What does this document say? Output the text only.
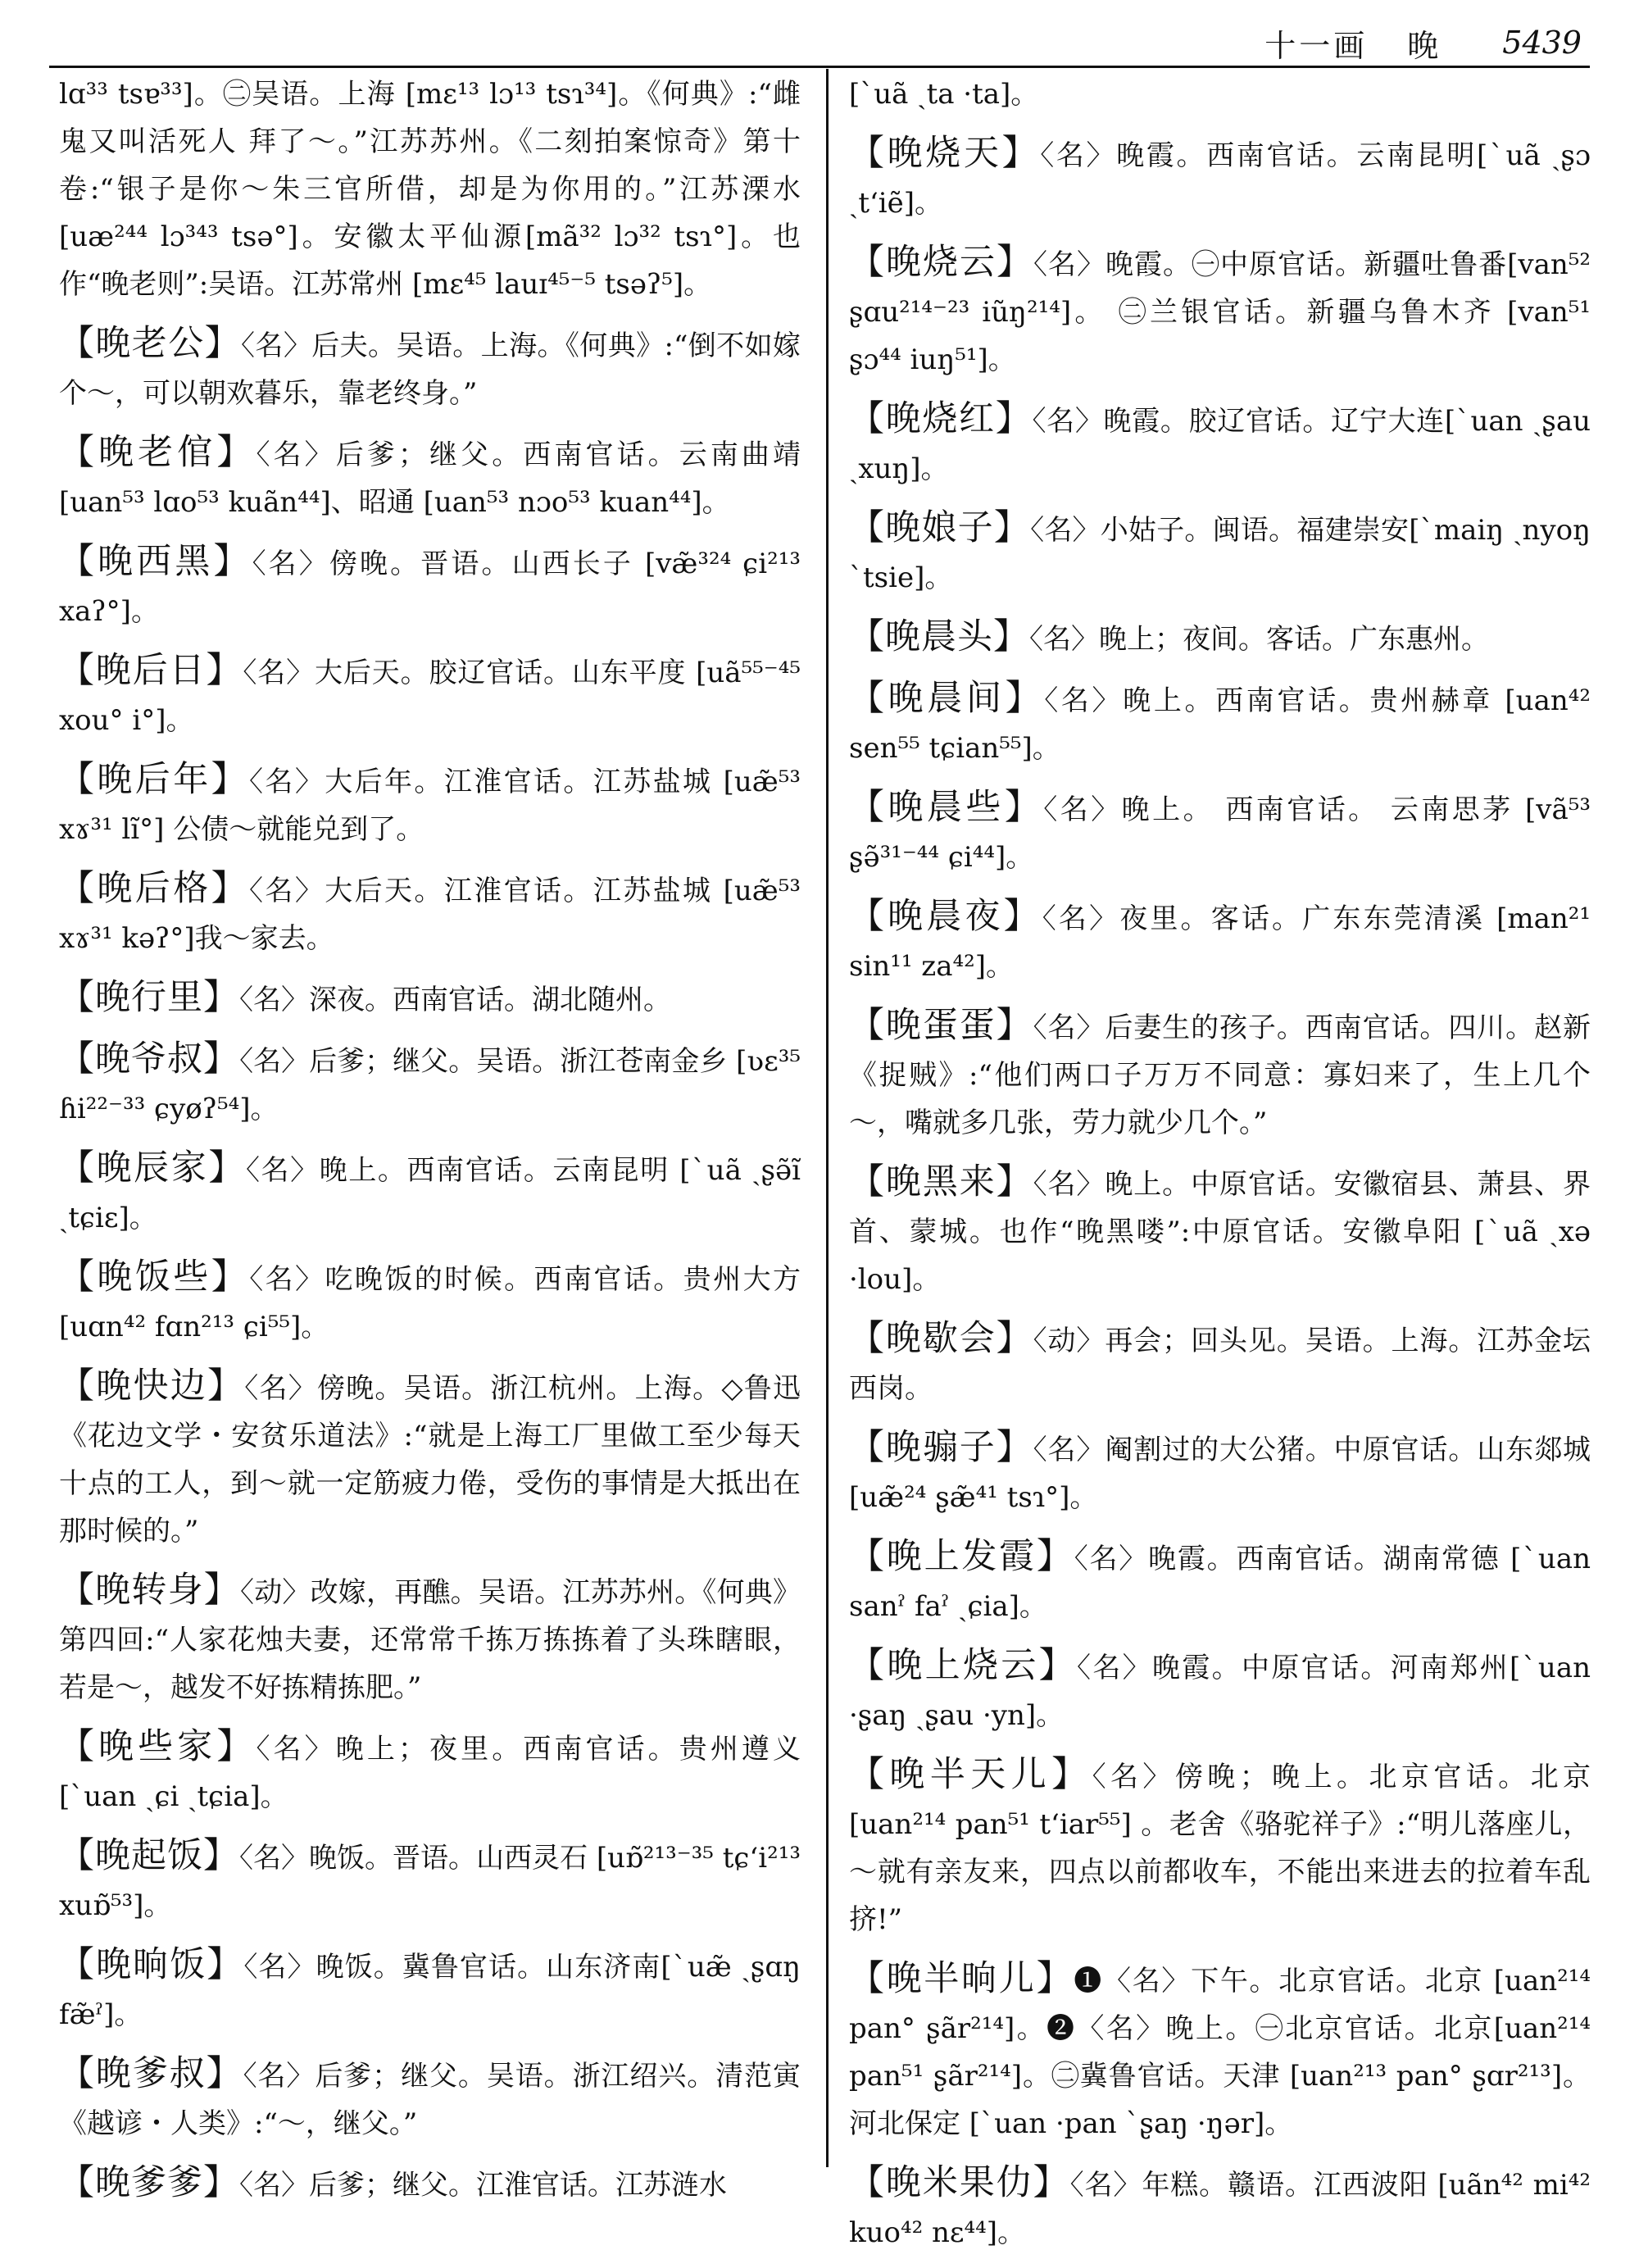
十一画 晚 5439

lɑ³³ tsɐ³³]。㊁吴语。上海 [mɛ¹³ lɔ¹³ tsɿ³⁴]。《何典》:“雌鬼又叫活死人 拜了～。”江苏苏州。《二刻拍案惊奇》第十卷:“银子是你～朱三官所借，却是为你用的。”江苏溧水[uæ²⁴⁴ lɔ³⁴³ tsə°]。安徽太平仙源[mã³² lɔ³² tsɿ°]。也作“晚老则”:吴语。江苏常州 [mɛ⁴⁵ lauɪ⁴⁵⁻⁵ tsəʔ⁵]。

【晚老公】〈名〉后夫。吴语。上海。《何典》:“倒不如嫁个～，可以朝欢暮乐，靠老终身。”

【晚老倌】〈名〉后爹；继父。西南官话。云南曲靖 [uan⁵³ lɑo⁵³ kuãn⁴⁴]、昭通 [uan⁵³ nɔo⁵³ kuan⁴⁴]。

【晚西黑】〈名〉傍晚。晋语。山西长子 [væ̃³²⁴ ɕi²¹³ xaʔ°]。

【晚后日】〈名〉大后天。胶辽官话。山东平度 [uã⁵⁵⁻⁴⁵ xou° i°]。

【晚后年】〈名〉大后年。江淮官话。江苏盐城 [uæ̃⁵³ xɤ³¹ lĩ°] 公债～就能兑到了。

【晚后格】〈名〉大后天。江淮官话。江苏盐城 [uæ̃⁵³ xɤ³¹ kəʔ°]我～家去。

【晚行里】〈名〉深夜。西南官话。湖北随州。

【晚爷叔】〈名〉后爹；继父。吴语。浙江苍南金乡 [ʋɛ³⁵ ɦi²²⁻³³ ɕyøʔ⁵⁴]。

【晚辰家】〈名〉晚上。西南官话。云南昆明 [ˋuã ˏʂə̃ĩ ˏtɕiɛ]。

【晚饭些】〈名〉吃晚饭的时候。西南官话。贵州大方 [uɑn⁴² fɑn²¹³ ɕi⁵⁵]。

【晚快边】〈名〉傍晚。吴语。浙江杭州。上海。◇鲁迅《花边文学・安贫乐道法》:“就是上海工厂里做工至少每天十点的工人，到～就一定筋疲力倦，受伤的事情是大抵出在那时候的。”

【晚转身】〈动〉改嫁，再醮。吴语。江苏苏州。《何典》第四回:“人家花烛夫妻，还常常千拣万拣拣着了头珠瞎眼，若是～，越发不好拣精拣肥。”

【晚些家】〈名〉晚上；夜里。西南官话。贵州遵义 [ˋuan ˏɕi ˏtɕia]。

【晚起饭】〈名〉晚饭。晋语。山西灵石 [uɒ̃²¹³⁻³⁵ tɕʻi²¹³ xuɒ̃⁵³]。

【晚晌饭】〈名〉晚饭。冀鲁官话。山东济南[ˋuæ̃ ˏʂɑŋ fæ̃ˀ]。

【晚爹叔】〈名〉后爹；继父。吴语。浙江绍兴。清范寅《越谚・人类》:“～，继父。”

【晚爹爹】〈名〉后爹；继父。江淮官话。江苏涟水

[ˋuã ˏta ·ta]。

【晚烧天】〈名〉晚霞。西南官话。云南昆明[ˋuã ˏʂɔ ˏtʻiẽ]。

【晚烧云】〈名〉晚霞。㊀中原官话。新疆吐鲁番[van⁵² ʂɑu²¹⁴⁻²³ iũŋ²¹⁴]。 ㊁兰银官话。新疆乌鲁木齐 [van⁵¹ ʂɔ⁴⁴ iuŋ⁵¹]。

【晚烧红】〈名〉晚霞。胶辽官话。辽宁大连[ˋuan ˏʂau ˏxuŋ]。

【晚娘子】〈名〉小姑子。闽语。福建崇安[ˋmaiŋ ˏnyoŋ ˋtsie]。

【晚晨头】〈名〉晚上；夜间。客话。广东惠州。

【晚晨间】〈名〉晚上。西南官话。贵州赫章 [uan⁴² sen⁵⁵ tɕian⁵⁵]。

【晚晨些】〈名〉晚上。 西南官话。 云南思茅 [vã⁵³ ʂə̃³¹⁻⁴⁴ ɕi⁴⁴]。

【晚晨夜】〈名〉夜里。客话。广东东莞清溪 [man²¹ sin¹¹ za⁴²]。

【晚蛋蛋】〈名〉后妻生的孩子。西南官话。四川。赵新《捉贼》:“他们两口子万万不同意：寡妇来了，生上几个～，嘴就多几张，劳力就少几个。”

【晚黑来】〈名〉晚上。中原官话。安徽宿县、萧县、界首、蒙城。也作“晚黑喽”:中原官话。安徽阜阳 [ˋuã ˏxə ·lou]。

【晚歇会】〈动〉再会；回头见。吴语。上海。江苏金坛西岗。

【晚骟子】〈名〉阉割过的大公猪。中原官话。山东郯城[uæ̃²⁴ ʂæ̃⁴¹ tsɿ°]。

【晚上发霞】〈名〉晚霞。西南官话。湖南常德 [ˋuan sanˀ faˀ ˏɕia]。

【晚上烧云】〈名〉晚霞。中原官话。河南郑州[ˋuan ·ʂaŋ ˏʂau ·yn]。

【晚半天儿】〈名〉傍晚；晚上。北京官话。北京[uan²¹⁴ pan⁵¹ tʻiar⁵⁵] 。老舍《骆驼祥子》:“明儿落座儿，～就有亲友来，四点以前都收车，不能出来进去的拉着车乱挤!”

【晚半晌儿】❶〈名〉下午。北京官话。北京 [uan²¹⁴ pan° ʂãr²¹⁴]。❷〈名〉晚上。㊀北京官话。北京[uan²¹⁴ pan⁵¹ ʂãr²¹⁴]。㊁冀鲁官话。天津 [uan²¹³ pan° ʂɑr²¹³]。河北保定 [ˋuan ·pan ˋʂaŋ ·ŋər]。

【晚米果仂】〈名〉年糕。赣语。江西波阳 [uãn⁴² mi⁴² kuo⁴² nɛ⁴⁴]。
